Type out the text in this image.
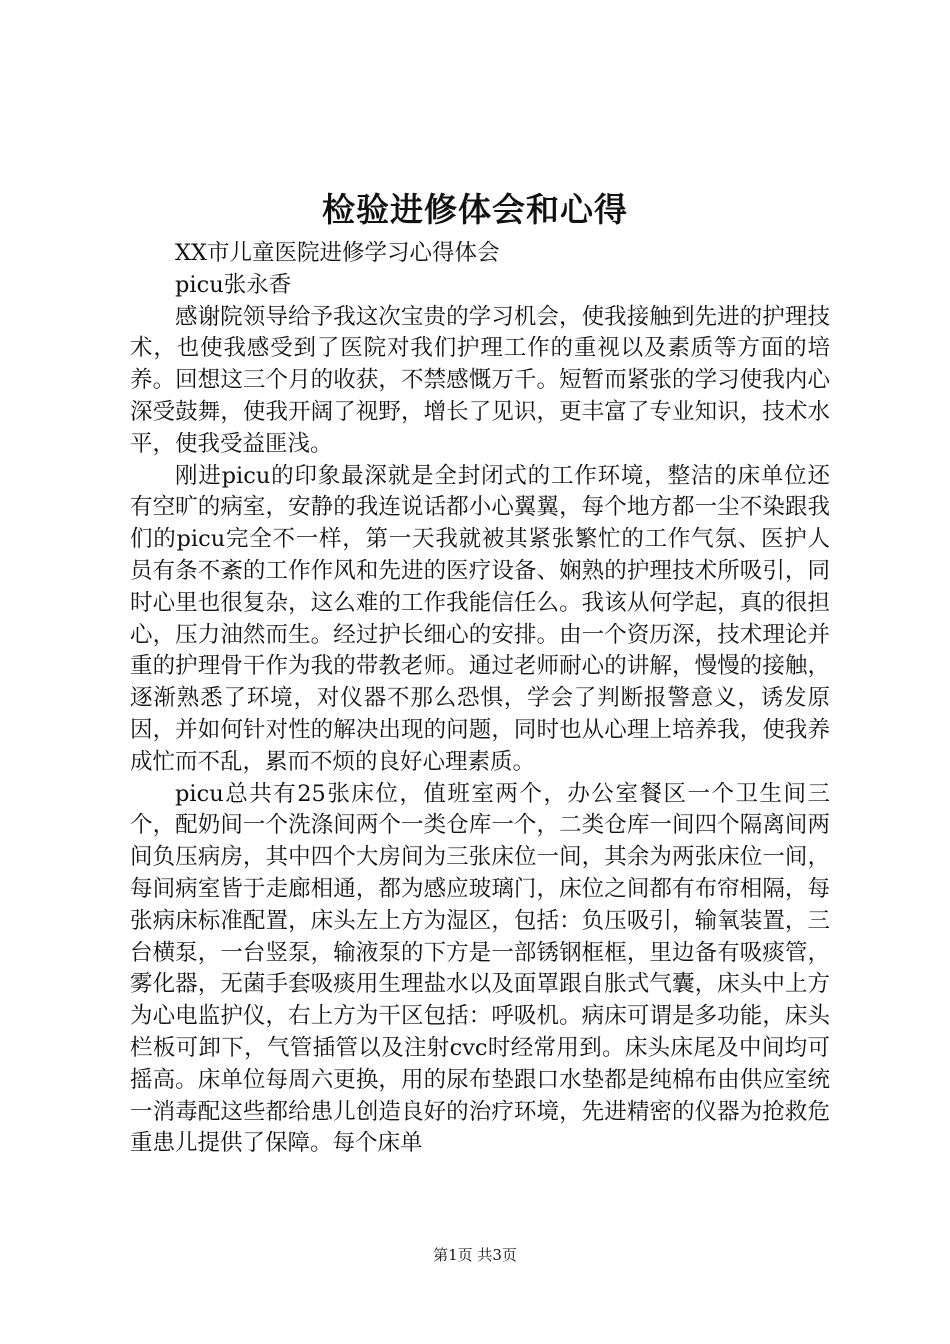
检验进修体会和心得

XX市儿童医院进修学习心得体会

picu张永香

感谢院领导给予我这次宝贵的学习机会，使我接触到先进的护理技术，也使我感受到了医院对我们护理工作的重视以及素质等方面的培养。回想这三个月的收获，不禁感慨万千。短暂而紧张的学习使我内心深受鼓舞，使我开阔了视野，增长了见识，更丰富了专业知识，技术水平，使我受益匪浅。

刚进picu的印象最深就是全封闭式的工作环境，整洁的床单位还有空旷的病室，安静的我连说话都小心翼翼，每个地方都一尘不染跟我们的picu完全不一样，第一天我就被其紧张繁忙的工作气氛、医护人员有条不紊的工作作风和先进的医疗设备、娴熟的护理技术所吸引，同时心里也很复杂，这么难的工作我能信任么。我该从何学起，真的很担心，压力油然而生。经过护长细心的安排。由一个资历深，技术理论并重的护理骨干作为我的带教老师。通过老师耐心的讲解，慢慢的接触，逐渐熟悉了环境，对仪器不那么恐惧，学会了判断报警意义，诱发原因，并如何针对性的解决出现的问题，同时也从心理上培养我，使我养成忙而不乱，累而不烦的良好心理素质。

picu总共有25张床位，值班室两个，办公室餐区一个卫生间三个，配奶间一个洗涤间两个一类仓库一个，二类仓库一间四个隔离间两间负压病房，其中四个大房间为三张床位一间，其余为两张床位一间，每间病室皆于走廊相通，都为感应玻璃门，床位之间都有布帘相隔，每张病床标准配置，床头左上方为湿区，包括：负压吸引，输氧装置，三台横泵，一台竖泵，输液泵的下方是一部锈钢框框，里边备有吸痰管，雾化器，无菌手套吸痰用生理盐水以及面罩跟自胀式气囊，床头中上方为心电监护仪，右上方为干区包括：呼吸机。病床可谓是多功能，床头栏板可卸下，气管插管以及注射cvc时经常用到。床头床尾及中间均可摇高。床单位每周六更换，用的尿布垫跟口水垫都是纯棉布由供应室统一消毒配这些都给患儿创造良好的治疗环境，先进精密的仪器为抢救危重患儿提供了保障。每个床单

第1页 共3页
